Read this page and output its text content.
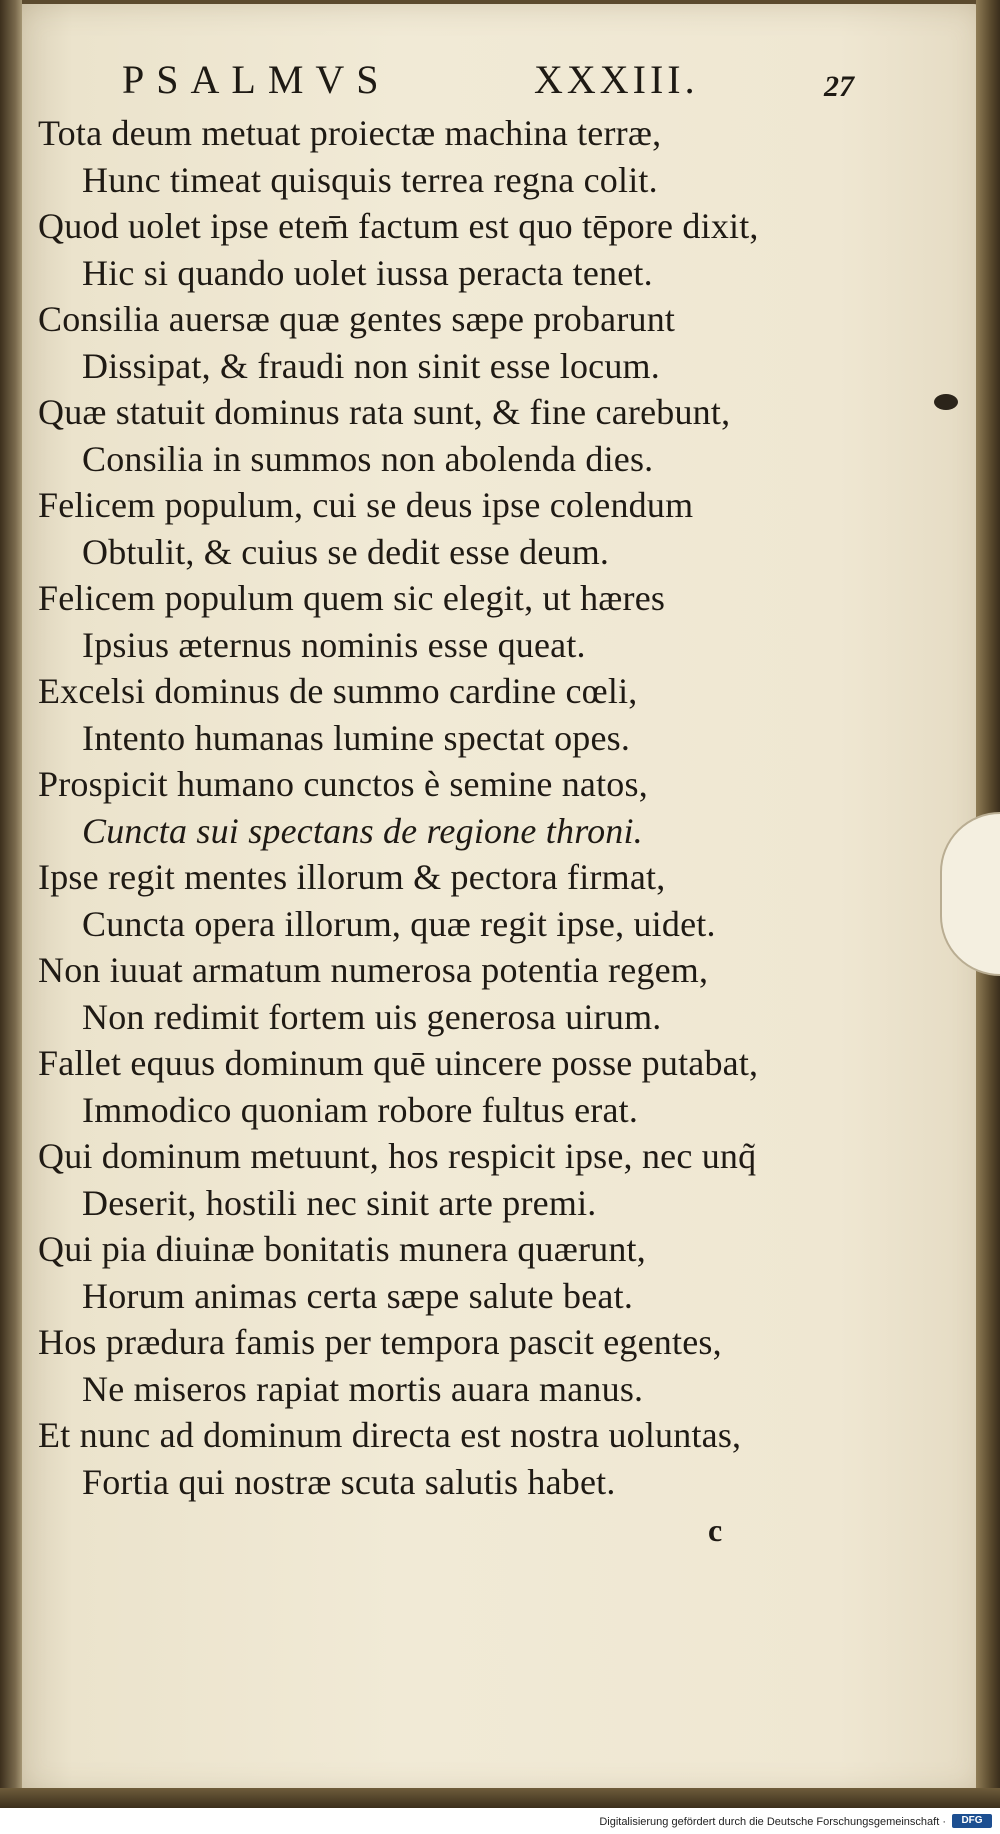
PSALMVS	XXXIII.	27
Tota deum metuat proiectæ machina terræ,
Hunc timeat quisquis terrea regna colit.
Quod uolet ipse etem̄ factum est quo tēpore dixit,
Hic si quando uolet iussa peracta tenet.
Consilia auersæ quæ gentes sæpe probarunt
Dissipat, & fraudi non sinit esse locum.
Quæ statuit dominus rata sunt, & fine carebunt,
Consilia in summos non abolenda dies.
Felicem populum, cui se deus ipse colendum
Obtulit, & cuius se dedit esse deum.
Felicem populum quem sic elegit, ut hæres
Ipsius æternus nominis esse queat.
Excelsi dominus de summo cardine cœli,
Intento humanas lumine spectat opes.
Prospicit humano cunctos è semine natos,
Cuncta sui spectans de regione throni.
Ipse regit mentes illorum & pectora firmat,
Cuncta opera illorum, quæ regit ipse, uidet.
Non iuuat armatum numerosa potentia regem,
Non redimit fortem uis generosa uirum.
Fallet equus dominum quē uincere posse putabat,
Immodico quoniam robore fultus erat.
Qui dominum metuunt, hos respicit ipse, nec unq̃
Deserit, hostili nec sinit arte premi.
Qui pia diuinæ bonitatis munera quærunt,
Horum animas certa sæpe salute beat.
Hos prædura famis per tempora pascit egentes,
Ne miseros rapiat mortis auara manus.
Et nunc ad dominum directa est nostra uoluntas,
Fortia qui nostræ scuta salutis habet.
c
Digitalisierung gefördert durch die Deutsche Forschungsgemeinschaft ·	DFG
